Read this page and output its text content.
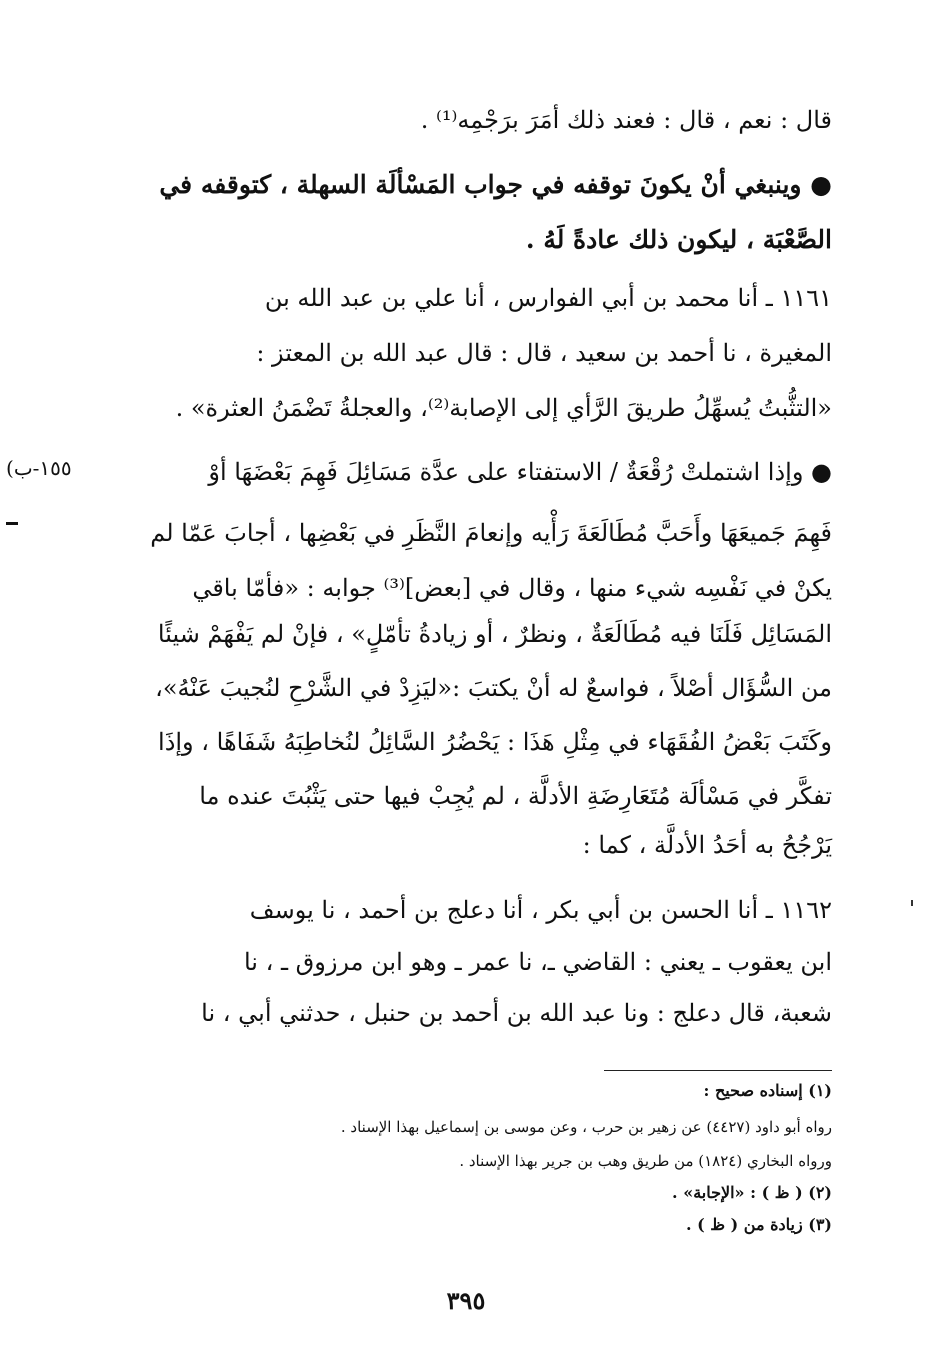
قال : نعم ، قال : فعند ذلك أمَرَ برَجْمِه⁽¹⁾ .
● وينبغي أنْ يكونَ توقفه في جواب المَسْألَة السهلة ، كتوقفه في
الصَّعْبَة ، ليكون ذلك عادةً لَهُ .
١١٦١ ـ أنا محمد بن أبي الفوارس ، أنا علي بن عبد الله بن
المغيرة ، نا أحمد بن سعيد ، قال : قال عبد الله بن المعتز :
«التثُّبتُ يُسهِّلُ طريقَ الرَّأي إلى الإصابة⁽²⁾، والعجلةُ تَضْمَنُ العثرة» .
● وإذا اشتملتْ رُقْعَةٌ / الاستفتاء على عدَّة مَسَائِلَ فَهِمَ بَعْضَهَا أوْ
فَهِمَ جَميعَهَا وأَحَبَّ مُطَالَعَةَ رَأْيه وإنعامَ النَّظَرِ في بَعْضِها ، أجابَ عَمّا لم
يكنْ في نَفْسِه شيء منها ، وقال في [بعض]⁽³⁾ جوابه : «فأمّا باقي
المَسَائِل فَلَنَا فيه مُطَالَعَةٌ ، ونظرٌ ، أو زيادةُ تأمّلٍ» ، فإنْ لم يَفْهَمْ شيئًا
من السُّؤَال أصْلاً ، فواسعٌ له أنْ يكتبَ :«ليَزِدْ في الشَّرْحِ لنُجيبَ عَنْهُ»،
وكَتَبَ بَعْضُ الفُقَهَاء في مِثْلِ هَذَا : يَحْضُرُ السَّائِلُ لنُخاطِبَهُ شَفَاهًا ، وإذَا
تفكَّر في مَسْألَة مُتَعَارِضَةِ الأدلَّة ، لم يُجِبْ فيها حتى يَثْبُتَ عنده ما
يَرْجُحُ به أحَدُ الأدلَّة ، كما :
١١٦٢ ـ أنا الحسن بن أبي بكر ، أنا دعلج بن أحمد ، نا يوسف
ابن يعقوب ـ يعني : القاضي ـ، نا عمر ـ وهو ابن مرزوق ـ ، نا
شعبة، قال دعلج : ونا عبد الله بن أحمد بن حنبل ، حدثني أبي ، نا
(١٥٥-ب
(١) إسناده صحيح :
رواه أبو داود (٤٤٢٧) عن زهير بن حرب ، وعن موسى بن إسماعيل بهذا الإسناد .
ورواه البخاري (١٨٢٤) من طريق وهب بن جرير بهذا الإسناد .
(٢) ( ظ ) : «الإجابة» .
(٣) زيادة من ( ظ ) .
٣٩٥
